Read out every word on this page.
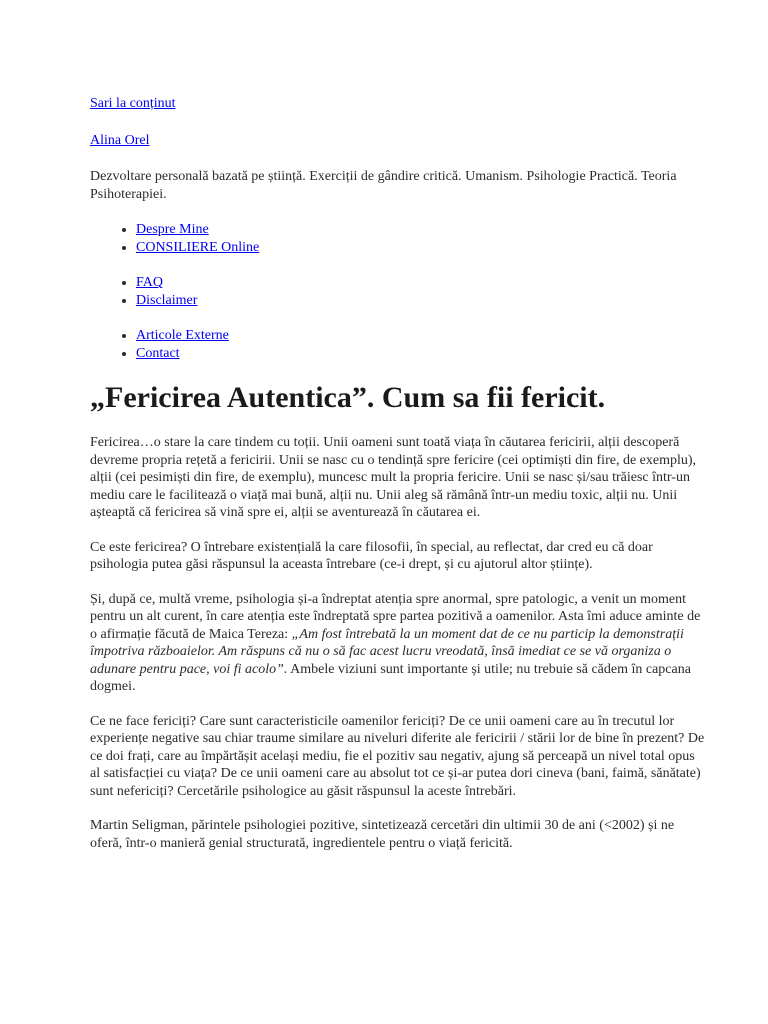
Sari la conținut
Alina Orel

Dezvoltare personală bazată pe știință. Exerciții de gândire critică. Umanism. Psihologie Practică. Teoria Psihoterapiei.

• Despre Mine
• CONSILIERE Online
• FAQ
• Disclaimer
• Articole Externe
• Contact
„Fericirea Autentica”. Cum sa fii fericit.

Fericirea…o stare la care tindem cu toții. Unii oameni sunt toată viața în căutarea fericirii, alții descoperă devreme propria rețetă a fericirii. Unii se nasc cu o tendință spre fericire (cei optimiști din fire, de exemplu), alții (cei pesimiști din fire, de exemplu), muncesc mult la propria fericire. Unii se nasc și/sau trăiesc într-un mediu care le facilitează o viață mai bună, alții nu. Unii aleg să rămână într-un mediu toxic, alții nu. Unii așteaptă că fericirea să vină spre ei, alții se aventurează în căutarea ei.

Ce este fericirea? O întrebare existențială la care filosofii, în special, au reflectat, dar cred eu că doar psihologia putea găsi răspunsul la aceasta întrebare (ce-i drept, și cu ajutorul altor științe).

Și, după ce, multă vreme, psihologia și-a îndreptat atenția spre anormal, spre patologic, a venit un moment pentru un alt curent, în care atenția este îndreptată spre partea pozitivă a oamenilor. Asta îmi aduce aminte de o afirmație făcută de Maica Tereza: „Am fost întrebată la un moment dat de ce nu particip la demonstrații împotriva războaielor. Am răspuns că nu o să fac acest lucru vreodată, însă imediat ce se vă organiza o adunare pentru pace, voi fi acolo”. Ambele viziuni sunt importante și utile; nu trebuie să cădem în capcana dogmei.

Ce ne face fericiți? Care sunt caracteristicile oamenilor fericiți? De ce unii oameni care au în trecutul lor experiențe negative sau chiar traume similare au niveluri diferite ale fericirii / stării lor de bine în prezent? De ce doi frați, care au împărtășit același mediu, fie el pozitiv sau negativ, ajung să perceapă un nivel total opus al satisfacției cu viața? De ce unii oameni care au absolut tot ce și-ar putea dori cineva (bani, faimă, sănătate) sunt nefericiți? Cercetările psihologice au găsit răspunsul la aceste întrebări.

Martin Seligman, părintele psihologiei pozitive, sintetizează cercetări din ultimii 30 de ani (<2002) și ne oferă, într-o manieră genial structurată, ingredientele pentru o viață fericită.
